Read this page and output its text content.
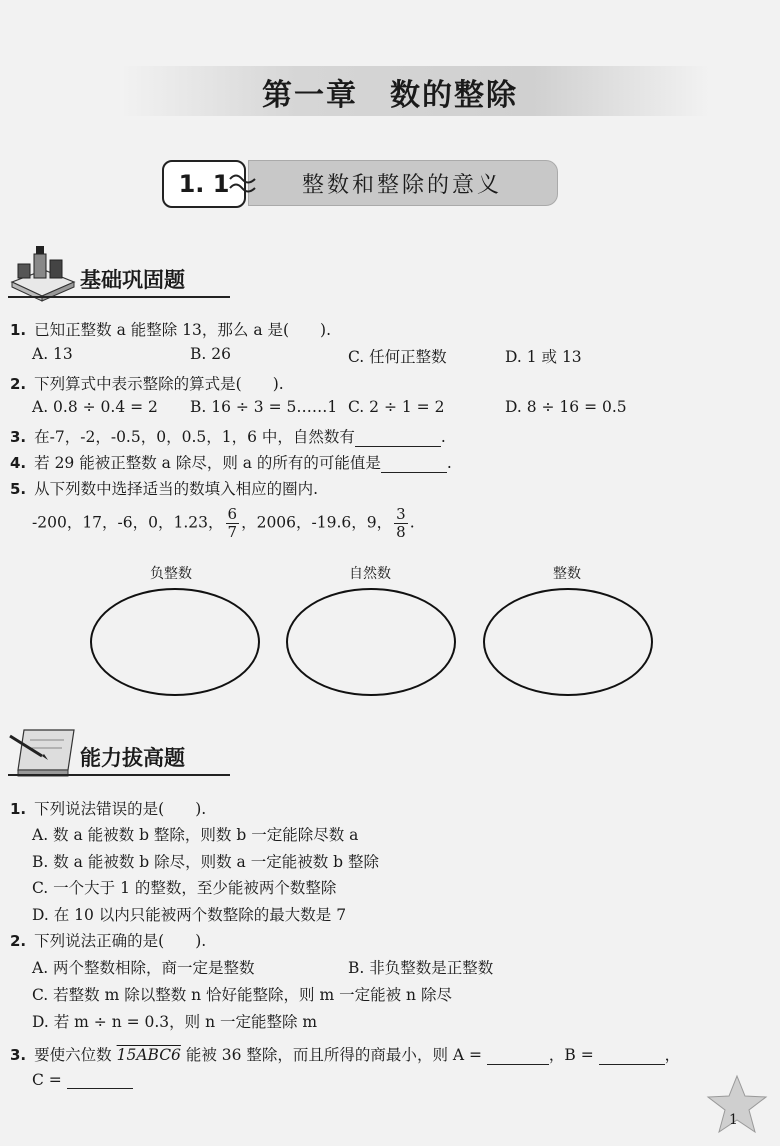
第一章　数的整除
1. 1	整数和整除的意义
基础巩固题
1. 已知正整数 a 能整除 13，那么 a 是(　　).
A. 13	B. 26	C. 任何正整数	D. 1 或 13
2. 下列算式中表示整除的算式是(　　).
A. 0.8 ÷ 0.4 = 2 B. 16 ÷ 3 = 5……1 C. 2 ÷ 1 = 2	D. 8 ÷ 16 = 0.5
3. 在-7，-2，-0.5，0，0.5，1，6 中，自然数有	.
4. 若 29 能被正整数 a 除尽，则 a 的所有的可能值是	.
5. 从下列数中选择适当的数填入相应的圈内.
-200，17，-6，0，1.23， $\frac{6}{7}$ ，2006，-19.6，9， $\frac{3}{8}$ .
负整数	自然数	整数
能力拔高题
1. 下列说法错误的是(　　).
A. 数 a 能被数 b 整除，则数 b 一定能除尽数 a
B. 数 a 能被数 b 除尽，则数 a 一定能被数 b 整除
C. 一个大于 1 的整数，至少能被两个数整除
D. 在 10 以内只能被两个数整除的最大数是 7
2. 下列说法正确的是(　　).
A. 两个整数相除，商一定是整数	B. 非负整数是正整数
C. 若整数 m 除以整数 n 恰好能整除，则 m 一定能被 n 除尽
D. 若 m ÷ n = 0.3，则 n 一定能整除 m
3. 要使六位数 15ABC6 能被 36 整除，而且所得的商最小，则 A =	，B =	，
C =
1
